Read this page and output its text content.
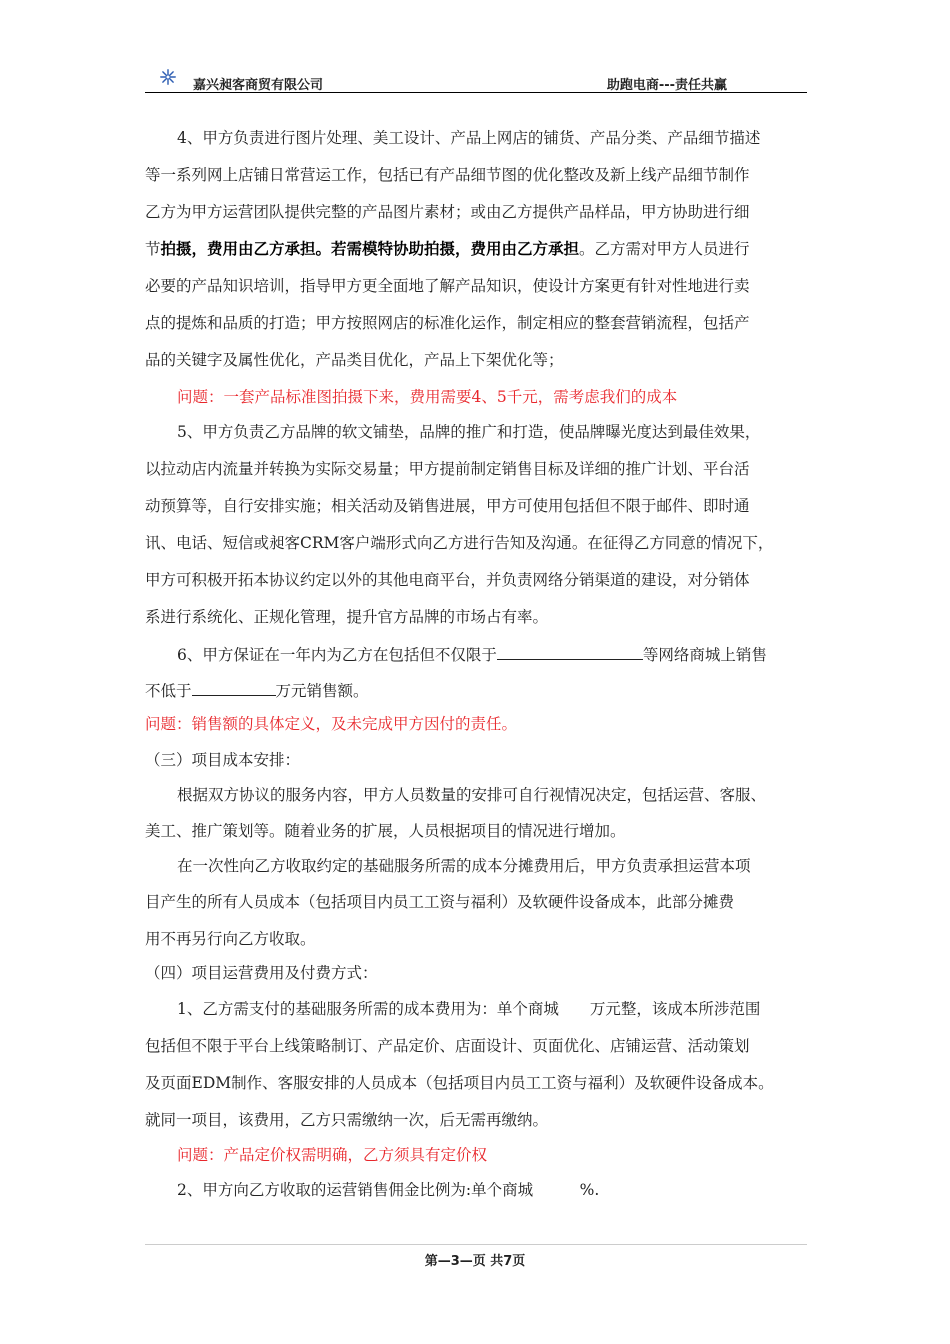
嘉兴昶客商贸有限公司	助跑电商---责任共赢
4、甲方负责进行图片处理、美工设计、产品上网店的铺货、产品分类、产品细节描述
等一系列网上店铺日常营运工作，包括已有产品细节图的优化整改及新上线产品细节制作
乙方为甲方运营团队提供完整的产品图片素材；或由乙方提供产品样品，甲方协助进行细
节拍摄，费用由乙方承担。若需模特协助拍摄，费用由乙方承担。乙方需对甲方人员进行
必要的产品知识培训，指导甲方更全面地了解产品知识，使设计方案更有针对性地进行卖
点的提炼和品质的打造；甲方按照网店的标准化运作，制定相应的整套营销流程，包括产
品的关键字及属性优化，产品类目优化，产品上下架优化等；
问题：一套产品标准图拍摄下来，费用需要4、5千元，需考虑我们的成本
5、甲方负责乙方品牌的软文铺垫，品牌的推广和打造，使品牌曝光度达到最佳效果，
以拉动店内流量并转换为实际交易量；甲方提前制定销售目标及详细的推广计划、平台活
动预算等，自行安排实施；相关活动及销售进展，甲方可使用包括但不限于邮件、即时通
讯、电话、短信或昶客CRM客户端形式向乙方进行告知及沟通。在征得乙方同意的情况下，
甲方可积极开拓本协议约定以外的其他电商平台，并负责网络分销渠道的建设，对分销体
系进行系统化、正规化管理，提升官方品牌的市场占有率。
6、甲方保证在一年内为乙方在包括但不仅限于	等网络商城上销售
不低于	万元销售额。
问题：销售额的具体定义，及未完成甲方因付的责任。
（三）项目成本安排：
根据双方协议的服务内容，甲方人员数量的安排可自行视情况决定，包括运营、客服、
美工、推广策划等。随着业务的扩展，人员根据项目的情况进行增加。
在一次性向乙方收取约定的基础服务所需的成本分摊费用后，甲方负责承担运营本项
目产生的所有人员成本（包括项目内员工工资与福利）及软硬件设备成本，此部分摊费
用不再另行向乙方收取。
（四）项目运营费用及付费方式：
1、乙方需支付的基础服务所需的成本费用为：单个商城　　万元整，该成本所涉范围
包括但不限于平台上线策略制订、产品定价、店面设计、页面优化、店铺运营、活动策划
及页面EDM制作、客服安排的人员成本（包括项目内员工工资与福利）及软硬件设备成本。
就同一项目，该费用，乙方只需缴纳一次，后无需再缴纳。
问题：产品定价权需明确，乙方须具有定价权
2、甲方向乙方收取的运营销售佣金比例为:单个商城　　　%.
第—3—页 共7页
